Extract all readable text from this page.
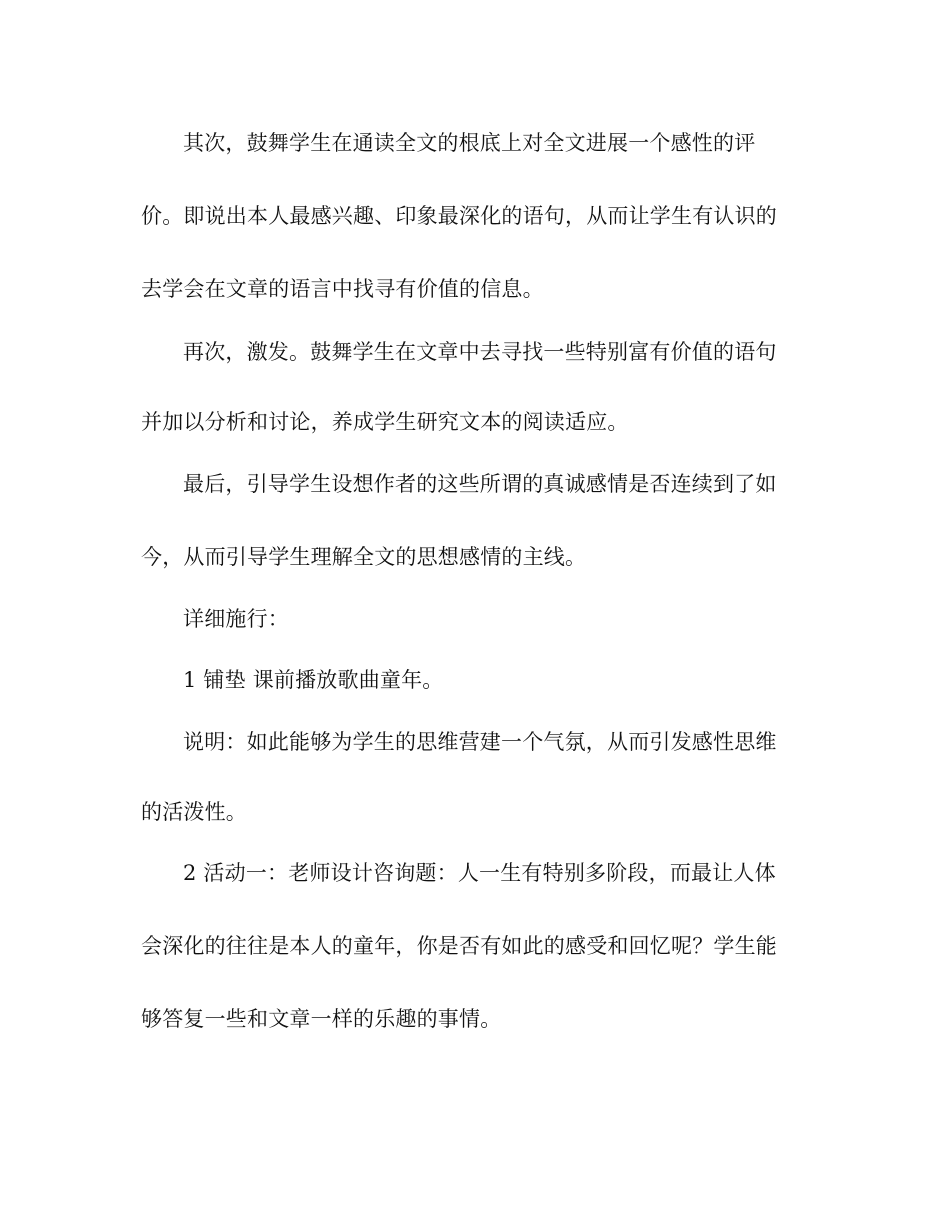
其次，鼓舞学生在通读全文的根底上对全文进展一个感性的评
价。即说出本人最感兴趣、印象最深化的语句，从而让学生有认识的
去学会在文章的语言中找寻有价值的信息。
再次，激发。鼓舞学生在文章中去寻找一些特别富有价值的语句
并加以分析和讨论，养成学生研究文本的阅读适应。
最后，引导学生设想作者的这些所谓的真诚感情是否连续到了如
今，从而引导学生理解全文的思想感情的主线。
详细施行：
1 铺垫 课前播放歌曲童年。
说明：如此能够为学生的思维营建一个气氛，从而引发感性思维
的活泼性。
2 活动一：老师设计咨询题：人一生有特别多阶段，而最让人体
会深化的往往是本人的童年，你是否有如此的感受和回忆呢？学生能
够答复一些和文章一样的乐趣的事情。
